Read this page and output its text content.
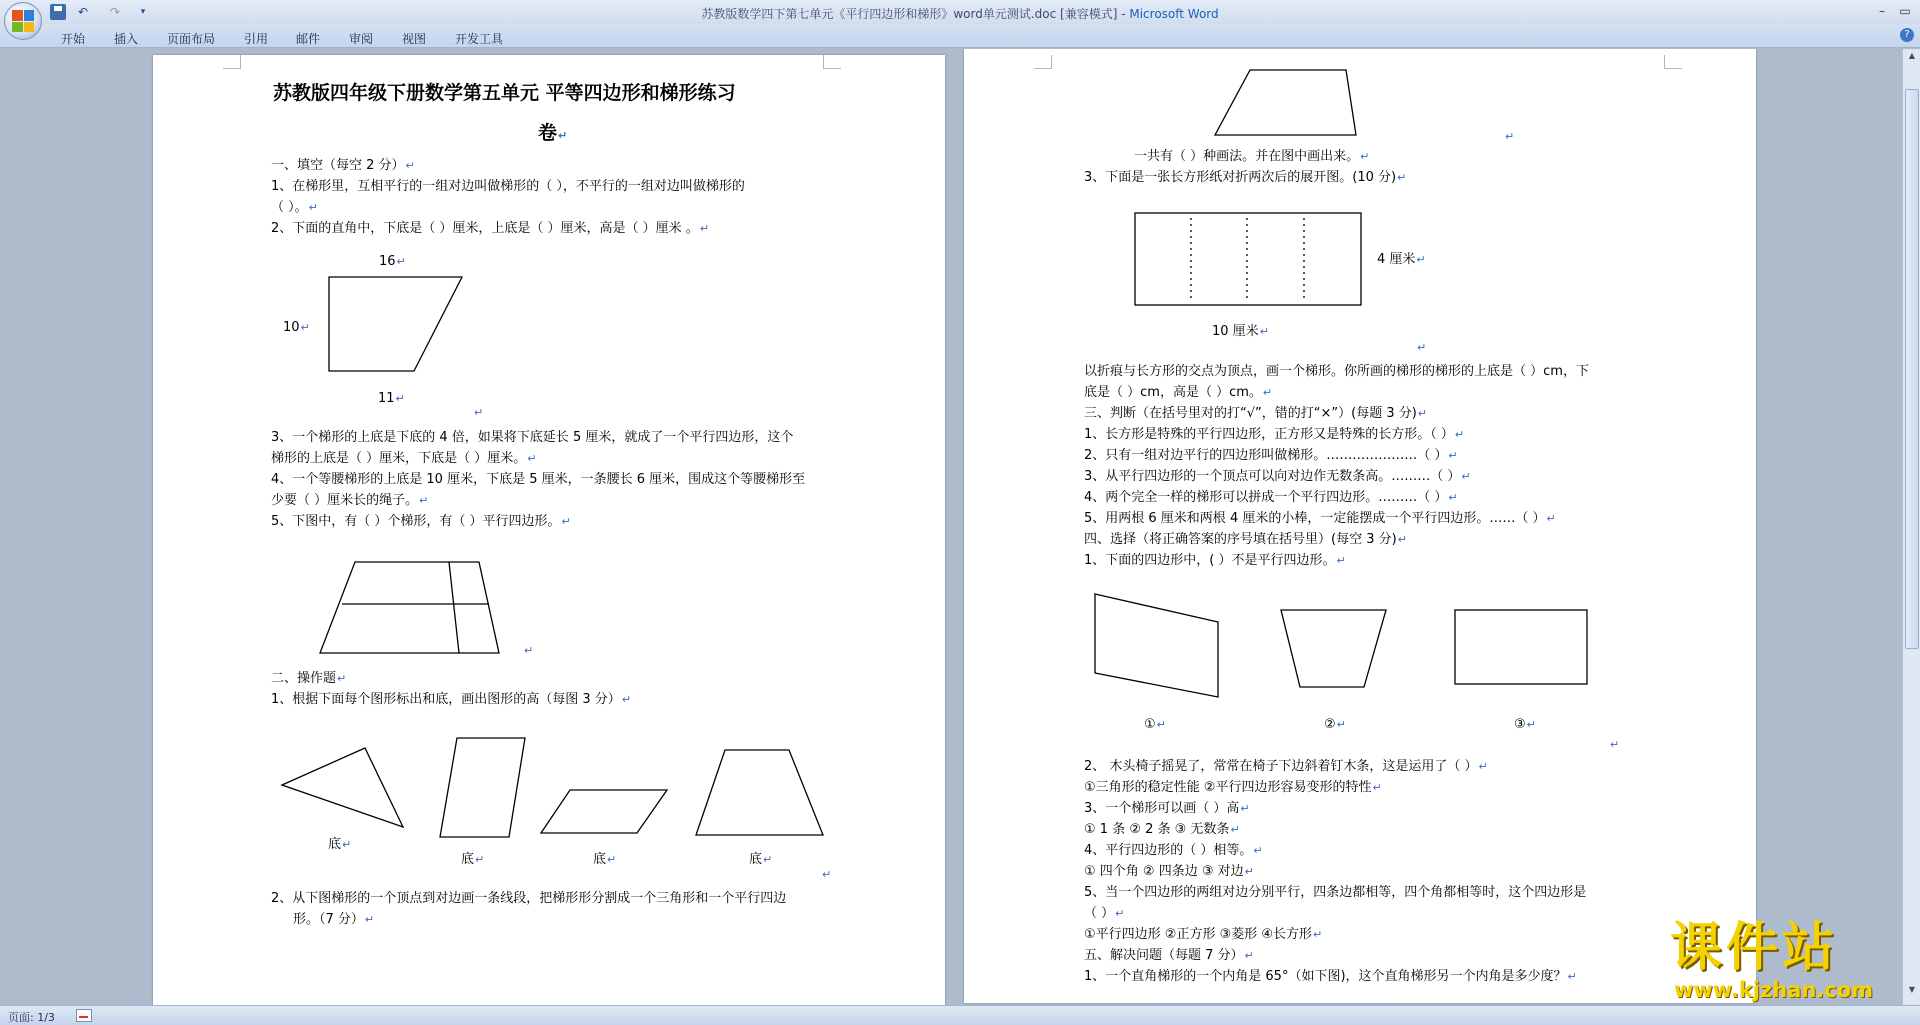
↶	↷	▾	苏教版数学四下第七单元《平行四边形和梯形》word单元测试.doc [兼容模式] - Microsoft Word	–	▭
开始 插入 页面布局 引用 邮件 审阅 视图 开发工具	?
苏教版四年级下册数学第五单元 平等四边形和梯形练习
卷 ↵
一、填空（每空 2 分） ↵
1、在梯形里，互相平行的一组对边叫做梯形的（ ），不平行的一组对边叫做梯形的
（ ）。 ↵
2、下面的直角中，下底是（ ）厘米，上底是（ ）厘米，高是（ ）厘米 。 ↵
16 ↵
10 ↵
11 ↵
↵
3、一个梯形的上底是下底的 4 倍，如果将下底延长 5 厘米，就成了一个平行四边形，这个
梯形的上底是（ ）厘米，下底是（ ）厘米。 ↵
4、一个等腰梯形的上底是 10 厘米，下底是 5 厘米，一条腰长 6 厘米，围成这个等腰梯形至
少要（ ）厘米长的绳子。 ↵
5、下图中，有（ ）个梯形，有（ ）平行四边形。 ↵
↵
二、操作题 ↵
1、根据下面每个图形标出和底，画出图形的高（每图 3 分） ↵
底 ↵
底 ↵	底 ↵	底 ↵
↵
2、从下图梯形的一个顶点到对边画一条线段，把梯形形分割成一个三角形和一个平行四边
形。（7 分） ↵
↵
一共有（ ）种画法。并在图中画出来。 ↵
3、下面是一张长方形纸对折两次后的展开图。(10 分) ↵
4 厘米 ↵
10 厘米 ↵
↵
以折痕与长方形的交点为顶点，画一个梯形。你所画的梯形的梯形的上底是（ ）cm，下
底是（ ）cm，高是（ ）cm。 ↵
三、判断（在括号里对的打“√”，错的打“×”）(每题 3 分) ↵
1、长方形是特殊的平行四边形，正方形又是特殊的长方形。（ ） ↵
2、只有一组对边平行的四边形叫做梯形。…………………（ ） ↵
3、从平行四边形的一个顶点可以向对边作无数条高。………（ ） ↵
4、两个完全一样的梯形可以拼成一个平行四边形。………（ ） ↵
5、用两根 6 厘米和两根 4 厘米的小棒，一定能摆成一个平行四边形。……（ ） ↵
四、选择（将正确答案的序号填在括号里）(每空 3 分) ↵
1、下面的四边形中，( ）不是平行四边形。 ↵
① ↵	② ↵	③ ↵
↵
2、 木头椅子摇晃了，常常在椅子下边斜着钉木条，这是运用了（ ） ↵
①三角形的稳定性能 ②平行四边形容易变形的特性 ↵
3、一个梯形可以画（ ）高 ↵
① 1 条 ② 2 条 ③ 无数条 ↵
4、平行四边形的（ ）相等。 ↵
① 四个角 ② 四条边 ③ 对边 ↵
5、当一个四边形的两组对边分别平行，四条边都相等，四个角都相等时，这个四边形是
（ ） ↵
①平行四边形 ②正方形 ③菱形 ④长方形 ↵
五、解决问题（每题 7 分） ↵
1、一个直角梯形的一个内角是 65°（如下图)，这个直角梯形另一个内角是多少度？ ↵
▲
▼
页面: 1/3
课件站
www.kjzhan.com
